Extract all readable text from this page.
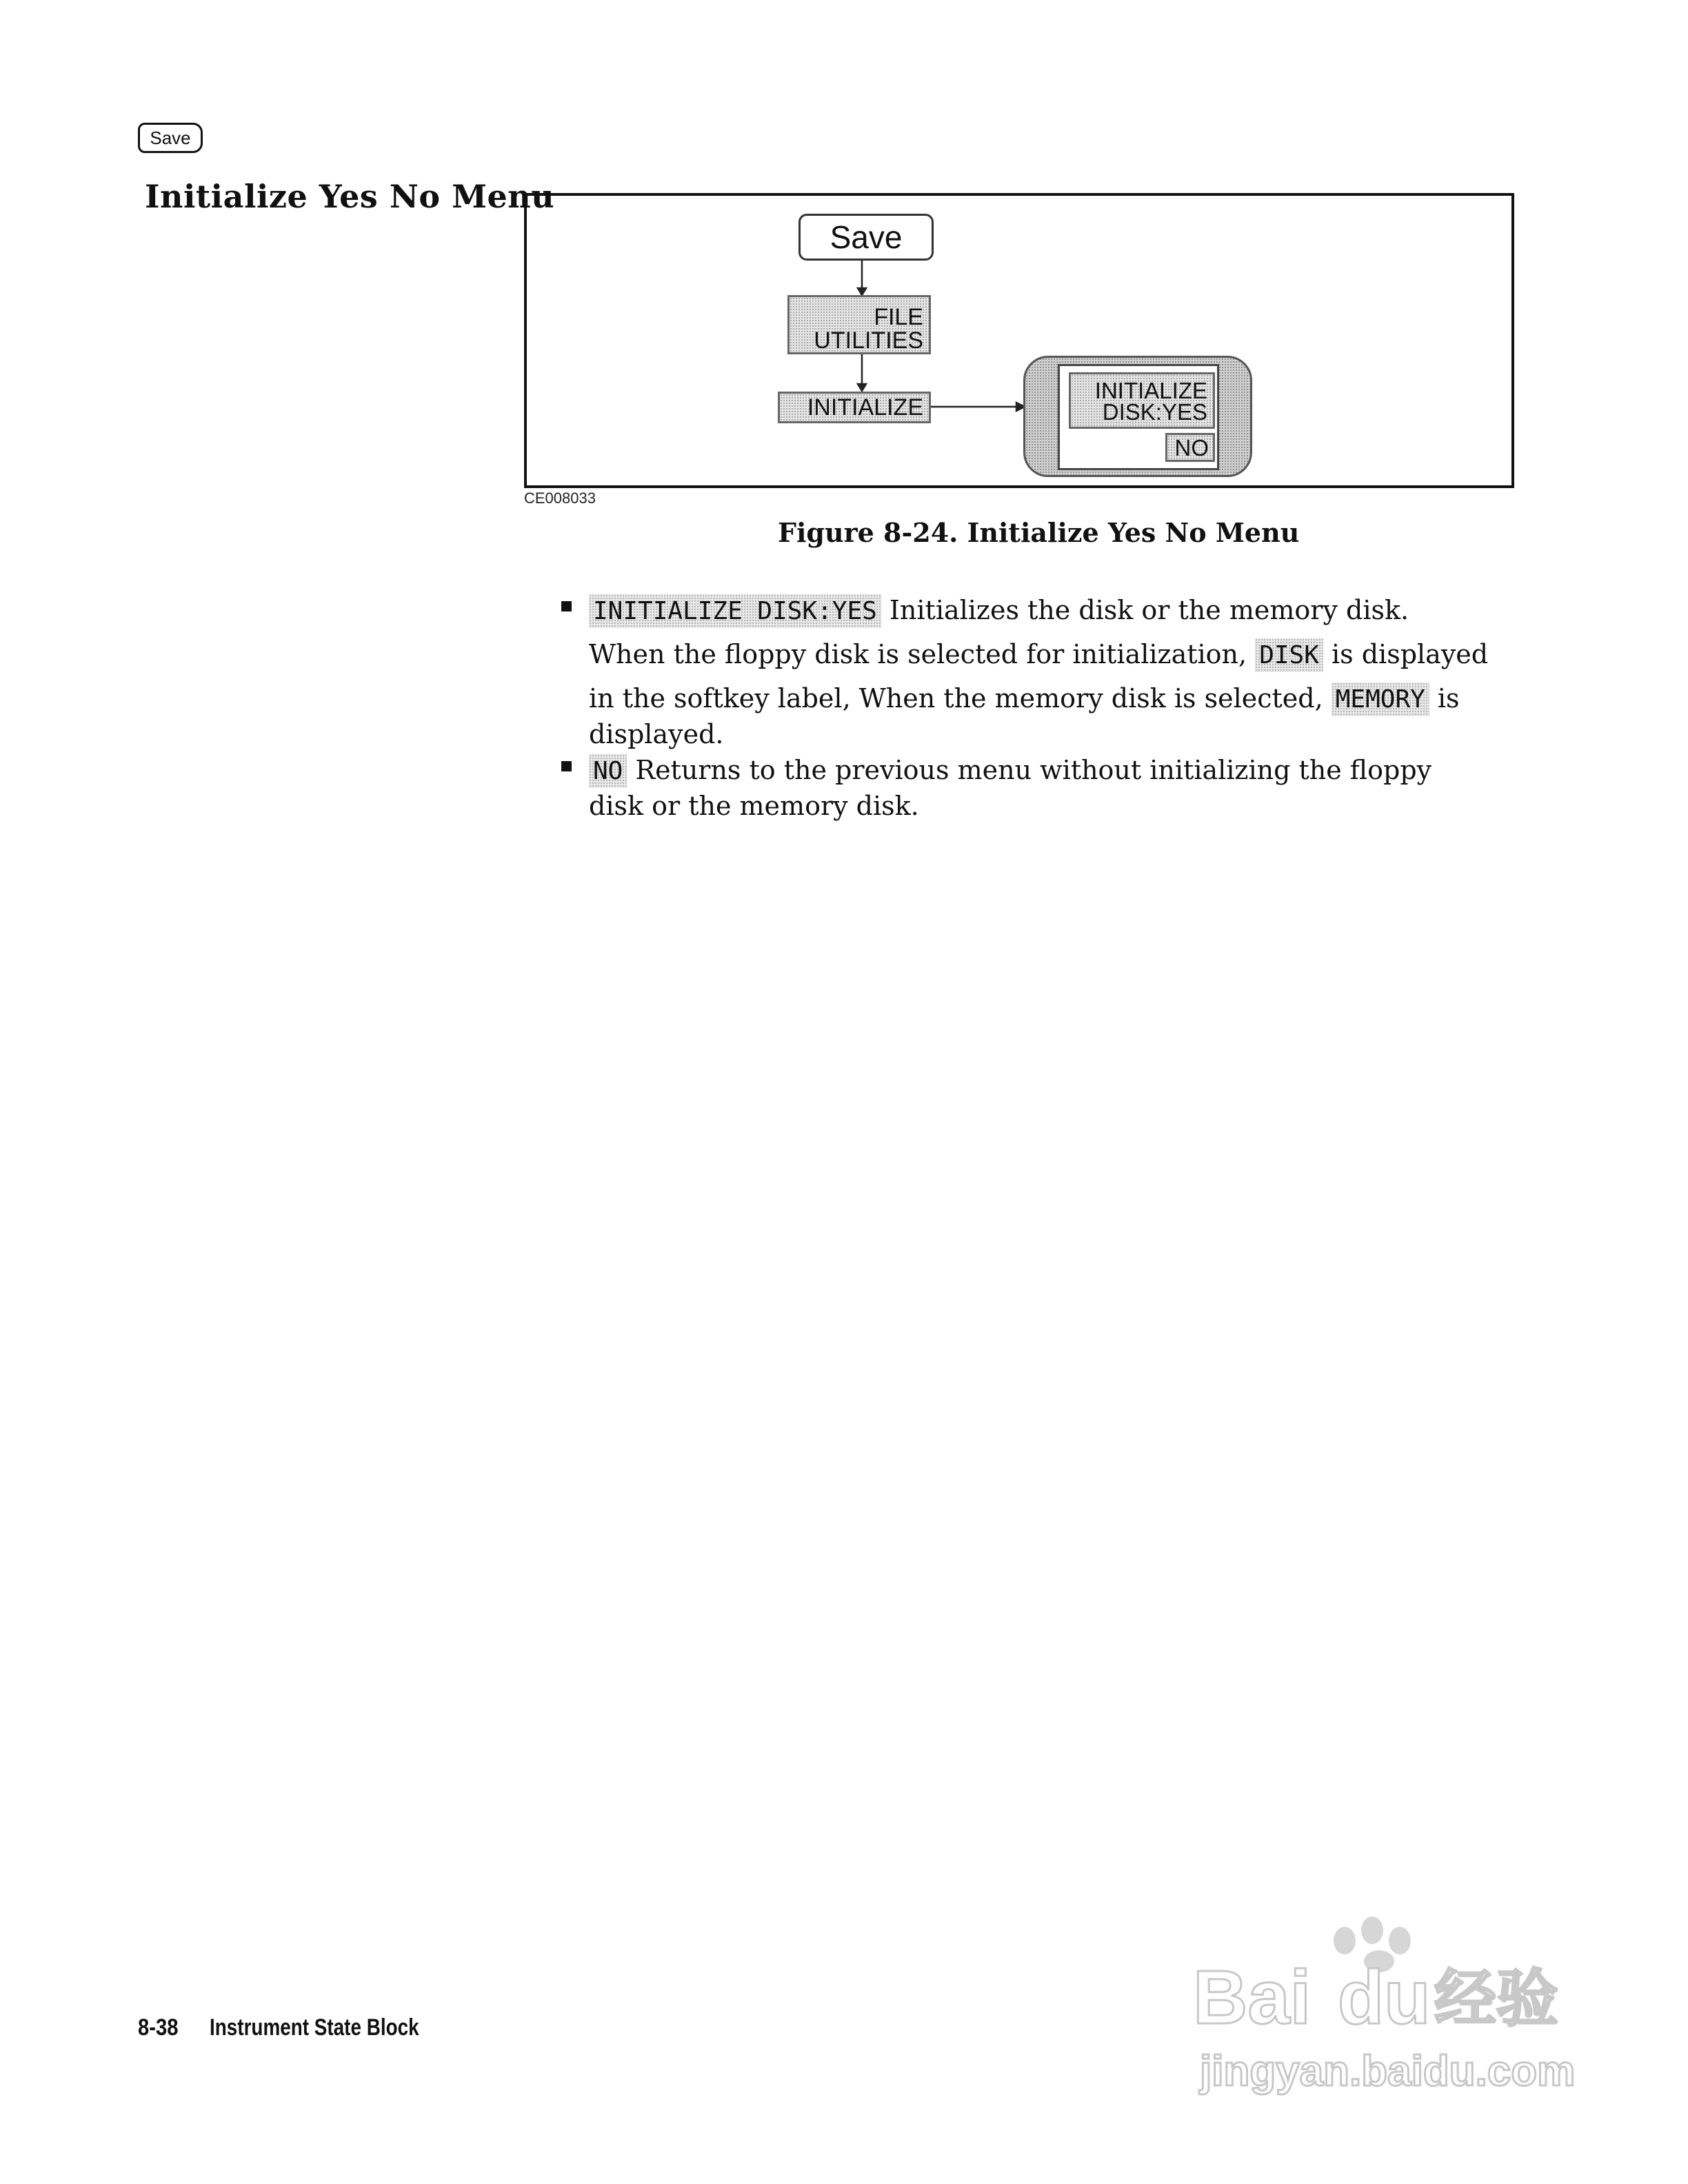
Save
Initialize Yes No Menu
Save
FILE
UTILITIES
INITIALIZE
INITIALIZE
DISK:YES
NO
CE008033
Figure 8-24. Initialize Yes No Menu
INITIALIZE DISK:YES Initializes the disk or the memory disk.
When the floppy disk is selected for initialization, DISK is displayed
in the softkey label, When the memory disk is selected, MEMORY is
displayed.
NO Returns to the previous menu without initializing the floppy
disk or the memory disk.
8-38 Instrument State Block	Bai du 经验
jingyan.baidu.com
